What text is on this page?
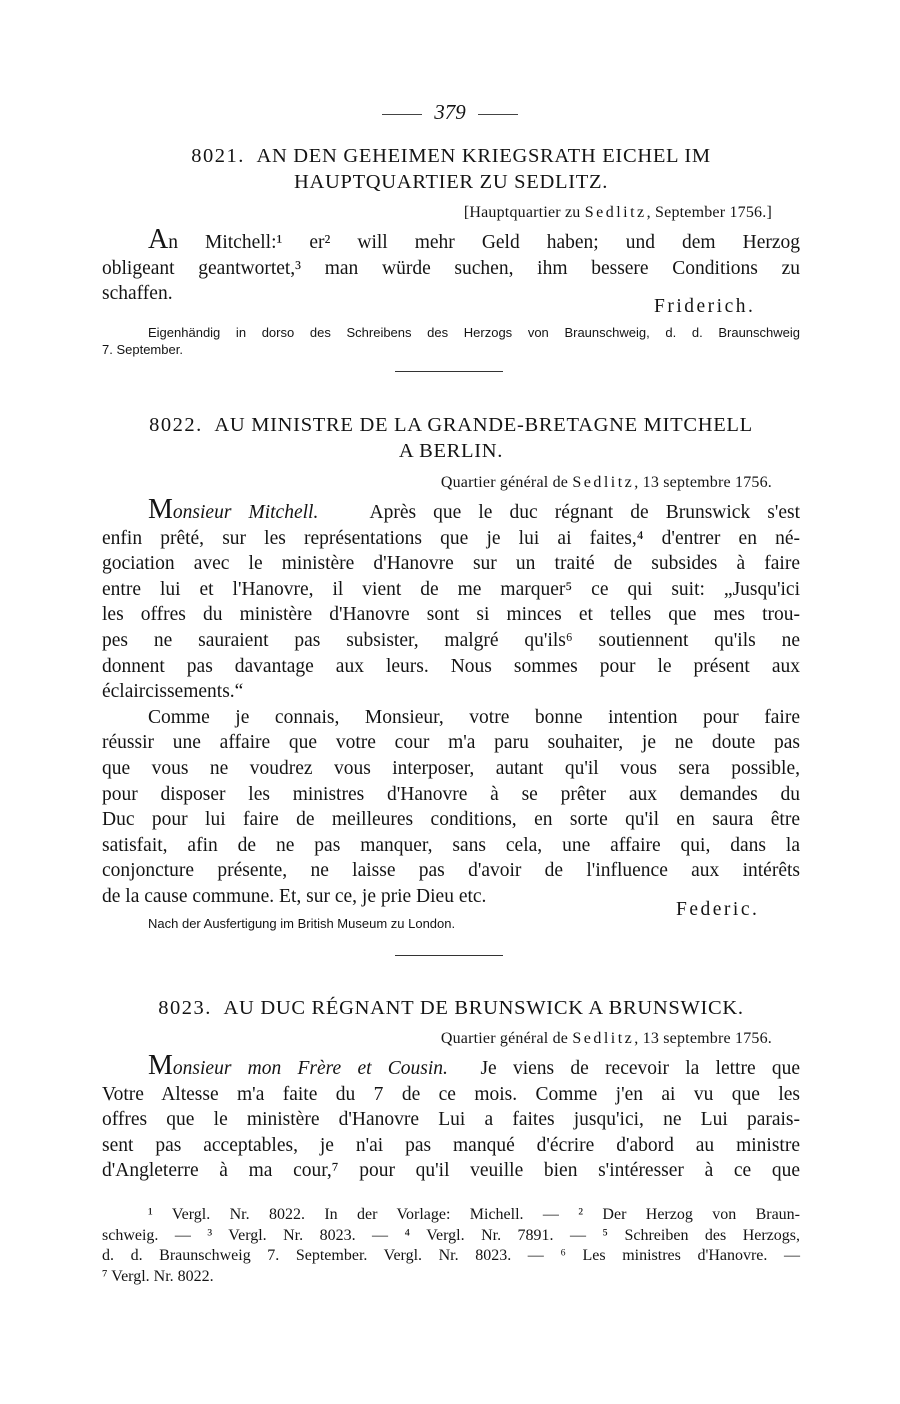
379
8021. AN DEN GEHEIMEN KRIEGSRATH EICHEL IM
HAUPTQUARTIER ZU SEDLITZ.
[Hauptquartier zu Sedlitz, September 1756.]
An Mitchell:¹ er² will mehr Geld haben; und dem Herzog
obligeant geantwortet,³ man würde suchen, ihm bessere Conditions zu
schaffen.
Friderich.
Eigenhändig in dorso des Schreibens des Herzogs von Braunschweig, d. d. Braunschweig
7. September.
8022. AU MINISTRE DE LA GRANDE-BRETAGNE MITCHELL
A BERLIN.
Quartier général de Sedlitz, 13 septembre 1756.
Monsieur Mitchell.	Après que le duc régnant de Brunswick s'est
enfin prêté, sur les représentations que je lui ai faites,⁴ d'entrer en né-
gociation avec le ministère d'Hanovre sur un traité de subsides à faire
entre lui et l'Hanovre, il vient de me marquer⁵ ce qui suit: „Jusqu'ici
les offres du ministère d'Hanovre sont si minces et telles que mes trou-
pes ne sauraient pas subsister, malgré qu'ils⁶ soutiennent qu'ils ne
donnent pas davantage aux leurs. Nous sommes pour le présent aux
éclaircissements.“
Comme je connais, Monsieur, votre bonne intention pour faire
réussir une affaire que votre cour m'a paru souhaiter, je ne doute pas
que vous ne voudrez vous interposer, autant qu'il vous sera possible,
pour disposer les ministres d'Hanovre à se prêter aux demandes du
Duc pour lui faire de meilleures conditions, en sorte qu'il en saura être
satisfait, afin de ne pas manquer, sans cela, une affaire qui, dans la
conjoncture présente, ne laisse pas d'avoir de l'influence aux intérêts
de la cause commune. Et, sur ce, je prie Dieu etc.
Federic.
Nach der Ausfertigung im British Museum zu London.
8023. AU DUC RÉGNANT DE BRUNSWICK A BRUNSWICK.
Quartier général de Sedlitz, 13 septembre 1756.
Monsieur mon Frère et Cousin. Je viens de recevoir la lettre que
Votre Altesse m'a faite du 7 de ce mois. Comme j'en ai vu que les
offres que le ministère d'Hanovre Lui a faites jusqu'ici, ne Lui parais-
sent pas acceptables, je n'ai pas manqué d'écrire d'abord au ministre
d'Angleterre à ma cour,⁷ pour qu'il veuille bien s'intéresser à ce que
¹ Vergl. Nr. 8022. In der Vorlage: Michell. — ² Der Herzog von Braun-
schweig. — ³ Vergl. Nr. 8023. — ⁴ Vergl. Nr. 7891. — ⁵ Schreiben des Herzogs,
d. d. Braunschweig 7. September. Vergl. Nr. 8023. — ⁶ Les ministres d'Hanovre. —
⁷ Vergl. Nr. 8022.
